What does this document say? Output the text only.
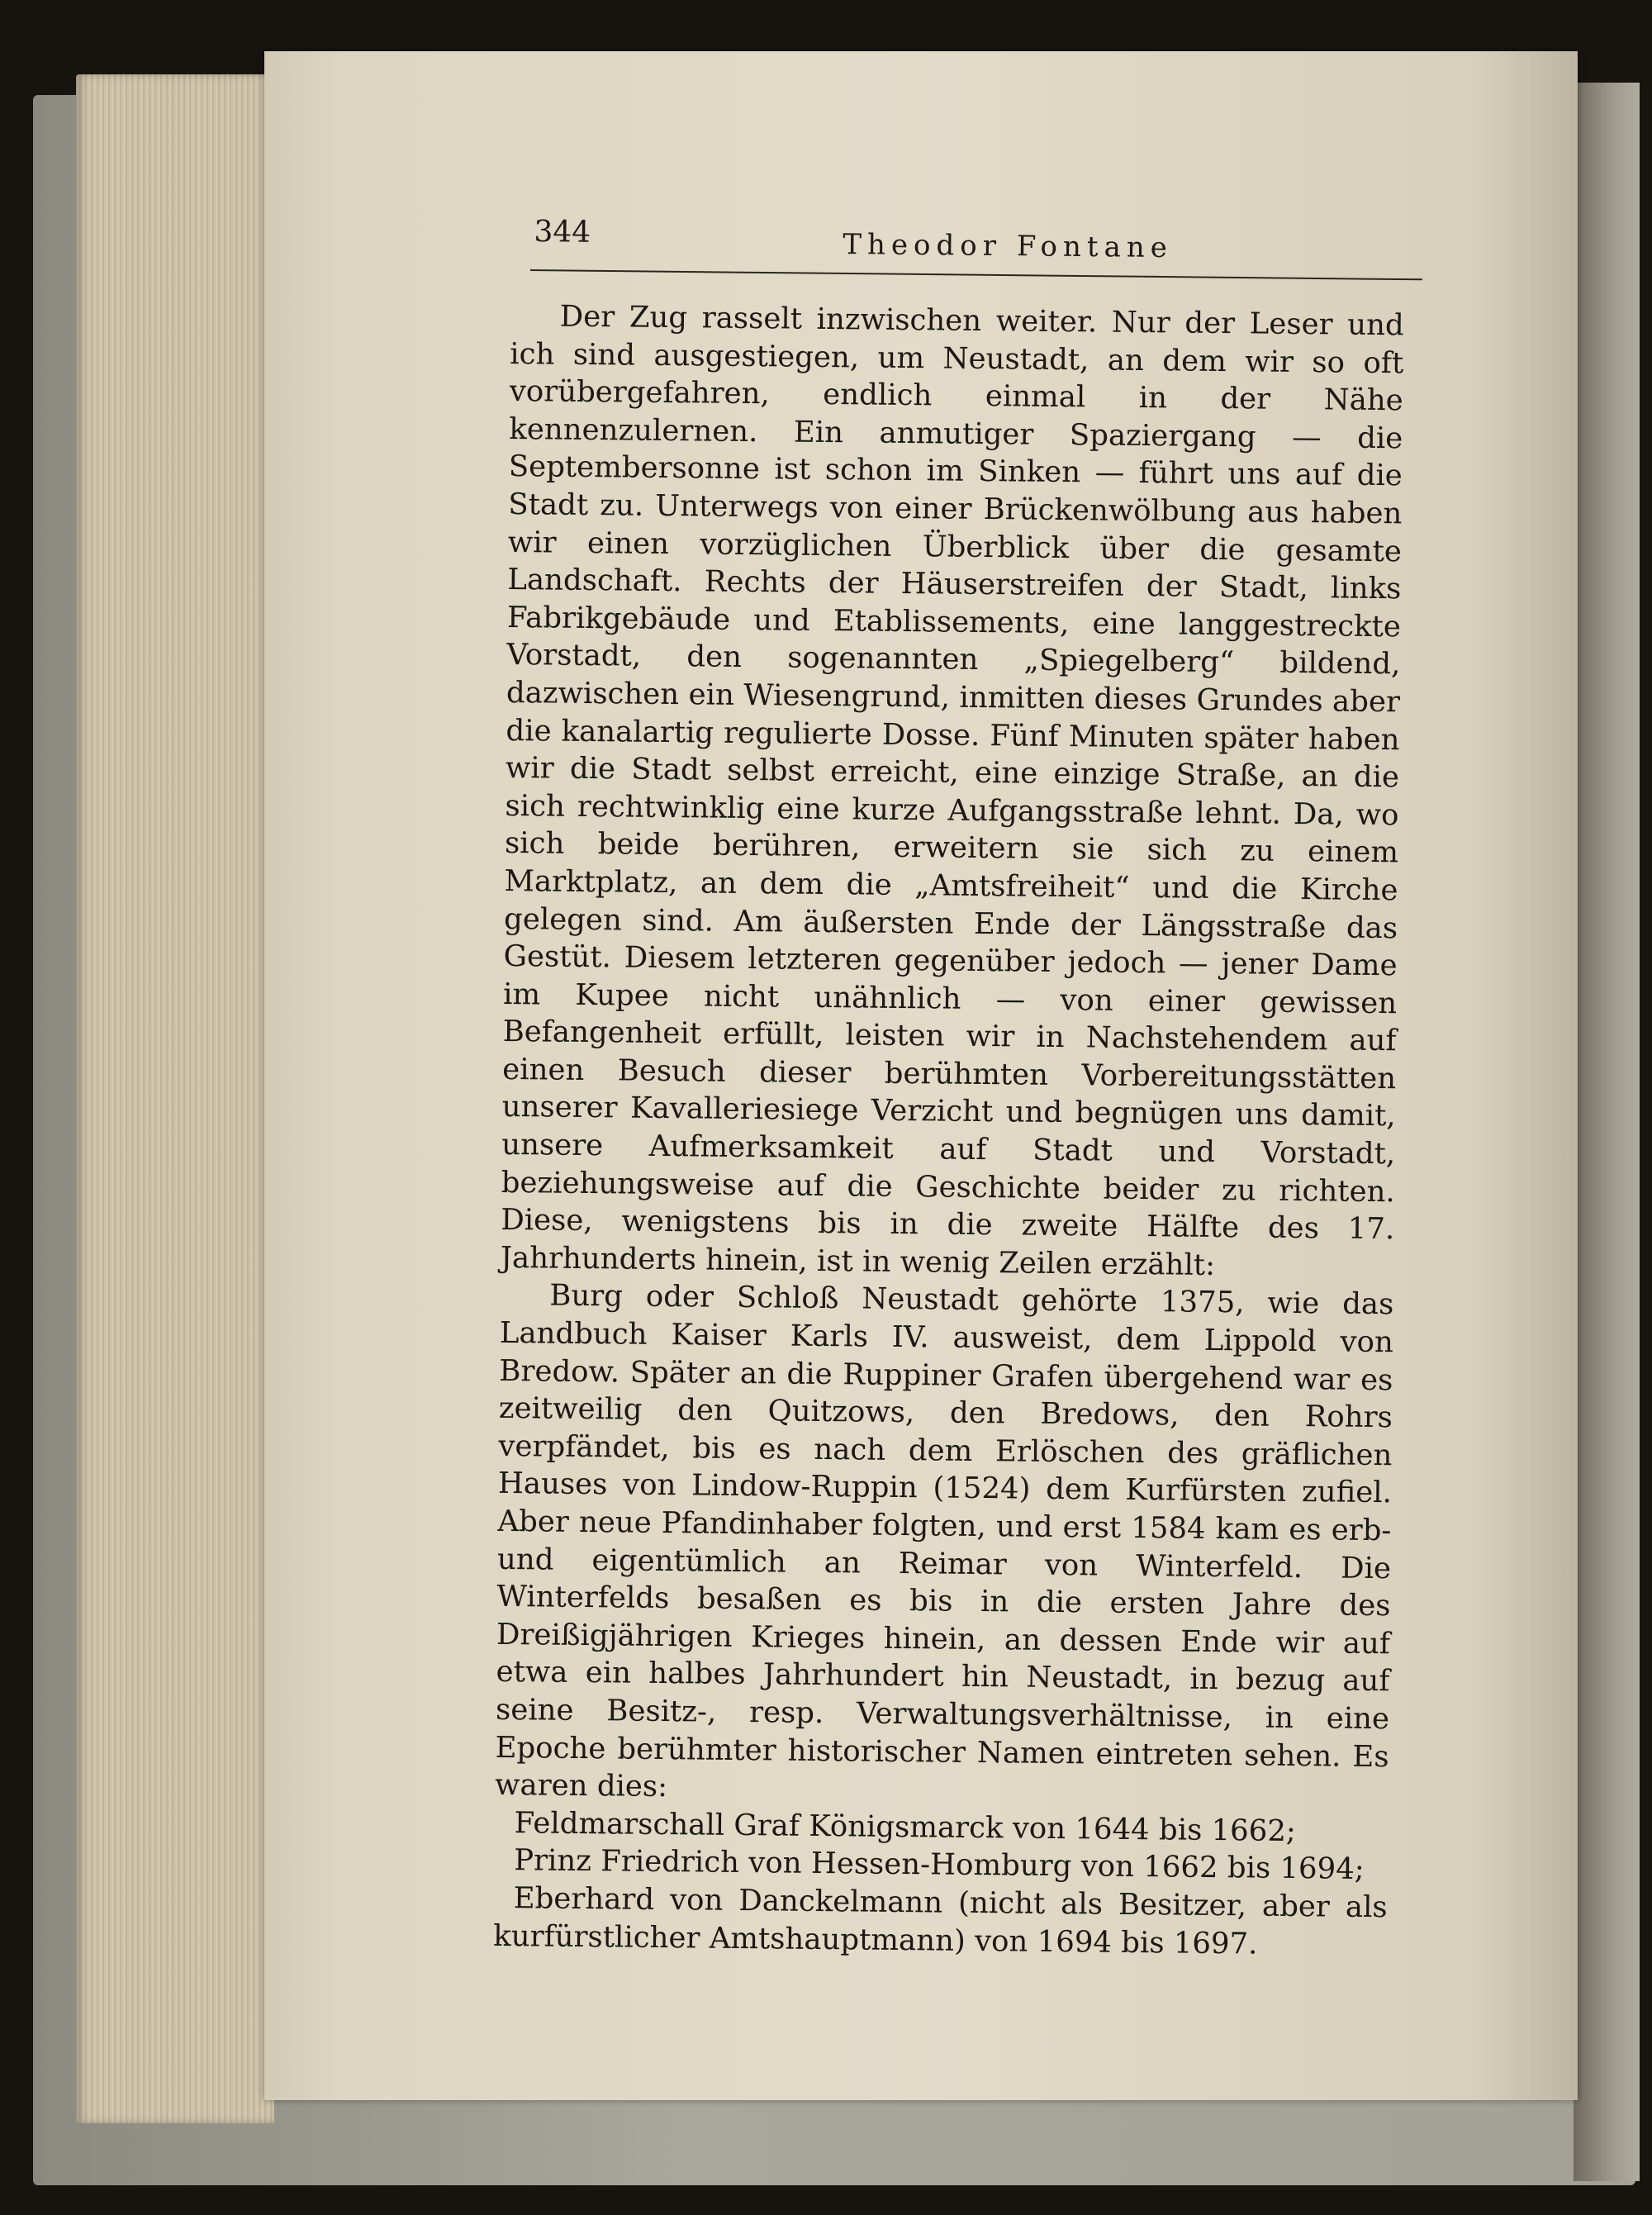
344	Theodor Fontane

Der Zug rasselt inzwischen weiter. Nur der Leser und ich sind ausgestiegen, um Neustadt, an dem wir so oft vorübergefahren, endlich einmal in der Nähe kennenzulernen. Ein anmutiger Spaziergang — die Septembersonne ist schon im Sinken — führt uns auf die Stadt zu. Unterwegs von einer Brückenwölbung aus haben wir einen vorzüglichen Überblick über die gesamte Landschaft. Rechts der Häuserstreifen der Stadt, links Fabrikgebäude und Etablissements, eine langgestreckte Vorstadt, den sogenannten „Spiegelberg“ bildend, dazwischen ein Wiesengrund, inmitten dieses Grundes aber die kanalartig regulierte Dosse. Fünf Minuten später haben wir die Stadt selbst erreicht, eine einzige Straße, an die sich rechtwinklig eine kurze Aufgangsstraße lehnt. Da, wo sich beide berühren, erweitern sie sich zu einem Marktplatz, an dem die „Amtsfreiheit“ und die Kirche gelegen sind. Am äußersten Ende der Längsstraße das Gestüt. Diesem letzteren gegenüber jedoch — jener Dame im Kupee nicht unähnlich — von einer gewissen Befangenheit erfüllt, leisten wir in Nachstehendem auf einen Besuch dieser berühmten Vorbereitungsstätten unserer Kavalleriesiege Verzicht und begnügen uns damit, unsere Aufmerksamkeit auf Stadt und Vorstadt, beziehungsweise auf die Geschichte beider zu richten. Diese, wenigstens bis in die zweite Hälfte des 17. Jahrhunderts hinein, ist in wenig Zeilen erzählt:

Burg oder Schloß Neustadt gehörte 1375, wie das Landbuch Kaiser Karls IV. ausweist, dem Lippold von Bredow. Später an die Ruppiner Grafen übergehend war es zeitweilig den Quitzows, den Bredows, den Rohrs verpfändet, bis es nach dem Erlöschen des gräflichen Hauses von Lindow-Ruppin (1524) dem Kurfürsten zufiel. Aber neue Pfandinhaber folgten, und erst 1584 kam es erb- und eigentümlich an Reimar von Winterfeld. Die Winterfelds besaßen es bis in die ersten Jahre des Dreißigjährigen Krieges hinein, an dessen Ende wir auf etwa ein halbes Jahrhundert hin Neustadt, in bezug auf seine Besitz-, resp. Verwaltungsverhältnisse, in eine Epoche berühmter historischer Namen eintreten sehen. Es waren dies:

Feldmarschall Graf Königsmarck von 1644 bis 1662;

Prinz Friedrich von Hessen-Homburg von 1662 bis 1694;

Eberhard von Danckelmann (nicht als Besitzer, aber als kurfürstlicher Amtshauptmann) von 1694 bis 1697.
